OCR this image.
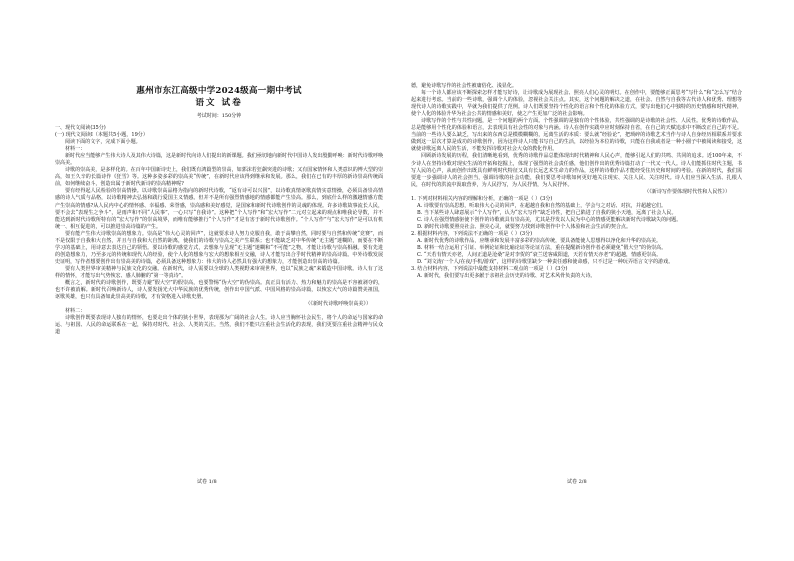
惠州市东江高级中学2024级高一期中考试

语文 试卷

考试时间：150分钟

一、现代文阅读(35分)

(一) 现代文阅读Ⅰ（本题共5小题，19分）

阅读下面的文字，完成下面小题。

材料一：

新时代应当能够产生伟大诗人及其伟大诗篇，这是新时代向诗人们提出的新课题。我们亟切地向新时代中国诗人发出殷勤呼唤：新时代诗歌呼唤崇高美。

诗歌的崇高美，是多样化的。在百年中国新诗史上，我们既有鸿篇型的崇高，如郭沫若狂飙突进的诗歌；又有国家情怀和人类意识的博大型的崇高，如王久辛的长篇诗作《狂雪》等。这种多姿多彩的崇高美“传统”，在新时代应该得到继承和发展。那么，我们在已有的丰厚的新诗崇高传统面前，如何继续奋斗，创造出属于新时代新诗的崇高精神呢?

要有经得起人民检验的崇高情操。以诗歌崇高品格为指向的新时代诗歌，“返有诗可以兴国”，以诗歌真情讴歌真情实意情操，必须具备崇高情感的诗人气质与品格，以诗歌精神去弘扬和践行爱国主义情感。但并不是所有强烈情感地的情感都能产生崇高。那么，到底什么样的激越情感方能产生崇高的情感?从人民内中心的情怀感、幸福感、荣誉感，崇高感和美好感觉，是国家和新时代诗歌创作的灵魂的体现。许多诗歌故事流长人民，要不会去“表现生之争斗”，是雨声和不同“人民事”，一心只写“自我诗”。这种把“个人写作”和“宏大写作”二元对立起来的观点和唯我论导数，并不能达到新时代诗歌所特有的“宏大写作”的崇高境界，而唯有能够推行“个人写作”才是有害于新时代诗歌创作。“个人写作”与“宏大写作”是可以有机统一、相互促进的，可以推进崇高诗篇的产生。

要有能产生伟大诗歌崇高的想象力。崇高是“伟大心灵的回声”，这就要求诗人努力克服自我，敢于高攀自然，同时要与自然和传统“竞赛”，而不是仅限于自我和大自然，并且与自我和大自然的距离，使我们的诗歌与崇高之美产生联系；也不能缺乏对中华传统“无主题”迷糊阶，而要在不断学习的基础上，用诗意去表达自己的领悟。要以诗歌的感觉方式，去想象与呈现“无主题”迷糊和“不可能”之物，才能让诗歌与崇高相融。要有先进的创造想象力，乃至多元的传统和现代人的经验，使个人化的想象与宏大的想象相互交融，诗人才能写出合乎时代精神的崇高诗篇。中外诗歌发展史证明，写作者想要创作出有崇高美的诗篇，必须具备这种想象力：伟大的诗人必然具有强大的想象力，才能创造出崇高的诗篇。

要有人类世界审美精神与民族文化的交融。在新时代，诗人需要以全球的人类视野来审视世界，也以“民族之魂”来锻造中国诗歌。诗人有了这样的情怀，才能写出气势恢宏、感人肺腑的“第一等真诗”。

概言之，新时代的诗歌创作，既要力避“假大空”的假崇高，也要警惕“伪大空”的伪崇高。真正具有活力、热力和魅力的崇高是不容被剥夺的，也不许被消解。新时代召唤新诗人，诗人要发扬光大中华民族的优秀传统，创作出中国气派、中国风格的崇高诗篇，以恢宏大气的诗篇赞美祖国，讴歌英雄，也只有具备如此崇高美的诗歌，才有资格进入诗歌史册。

（《新时代诗歌呼唤崇高美》）

材料二：

诗歌创作既要表现诗人独有的情怀，也要走出个体的狭小世界，表现那为广阔的社会人生。诗人应当胸怀社会民生，将个人的命运与国家的命运、与祖国、人民的命运联系在一起，保持对时代、社会、人类的关注。当然，我们不能只注重社会生活化的表现，我们更要注重社会精神与民众道

试卷 1/8

德，避免诗歌写作的社会性被庸俗化、浅显化。

每一个诗人都应该不断探索怎样才能写好诗，让诗歌成为展现社会、照亮人们心灵的明灯。在创作中，要能够正面思考“写什么”和“怎么写”结合起来进行考虑。当前的一些诗歌，强调个人的体验，忽视社会关注点。其实，这个问题的解决之道，在社会、自然与自我等古代诗人和优秀、理想等现代诗人的诗歌实践中，早就为我们提供了范例。诗人们既要坚持个性化的语言和个性化的体验方式，要写出他们心中独特的历史情感和时代精神，使个人化的体验升华为社会公共的情感和美好，使之产生更加广泛的社会影响。

诗歌写作的个性与共性问题，是一个问题的两个方面。个性强调的是独有的个性体验，共性强调的是诗歌的社会性、人民性。优秀的诗歌作品，总是能够用个性化的体验和语言，去表现具有社会性的对象与内涵。诗人在创作实践中应时刻保持自省，在自己的天赋追求中不断改正自己的不足。当前的一些诗人要么缺乏，写出来的东西总是模模糊糊的，远离生活的本质：要么就“经验论”，把琐碎的诗歌艺术当作与诗人自身经历相联系并要求做到这一层次才算是成功的诗歌创作，因为这样诗人只能书写自己的生活，以经验为本位的诗歌，只能在自我或者是一种小圈子中被阅读和接受，这就使诗歌远离人民的生活，不能发挥诗歌对社会大众的教化作用。

回顾新诗发展的历程，我们清晰地看到，优秀的诗歌作品总能体现出时代精神和人民心声，能够引起人们的共鸣、共同的追求。近100年来，不少诗人在坚持诗歌对现实生活的开拓和挖掘上，体现了强烈的社会责任感，他们创作出的优秀诗篇打动了一代又一代人。诗人们能抓住时代主题，书写人民的心声，从而创作出既具有鲜明时代特征又具有长远艺术生命力的作品，这样的诗歌作品才能经受住历史和时间的考验。在新的时代，我们需要进一步强调诗人的社会担当，强调诗歌的社会功能，我们要思考诗歌如何更好地关注现实、关注人民、关注时代。诗人们应当深入生活、扎根人民，在时代的洪流中汲取营养，为人民抒写，为人民抒情，为人民抒怀。

（《新诗写作要体现时代性和人民性》）

1. 下列对材料相关内容的理解和分析，正确的一项是（ ）(3分)

A. 诗歌要有崇高思想，听取伟大心灵的回声，在超越自我和自然的基础上，学会与之对话、对抗，并超越它们。

B. 当下某些诗人肆意展示“个人写作”，认为“宏大写作”缺乏诗性，把自己陷进了自我的狭小天地，远离了社会人民。

C. 诗人在强烈情感驱使下创作的诗歌就具有崇高美，尤其是抒发以人民为中心的情感更能解决新时代诗歌缺失的问题。

D. 新时代诗歌要照亮社会、照亮心灵，就要努力找到诗歌创作中个人体验和社会生活的契合点。

2. 根据材料内容，下列说法不正确的一项是（ ）(3分)

A. 新时代优秀的诗歌作品，应继承和发展丰富多彩的崇高传统，要具备能使人思想得以净化和升华的崇高美。

B. 材料一结合运用了引证、举例论证和比喻论证等论证方法，重在提醒新诗创作者必须避免“假大空”的伪崇高。

C. “天若有情天亦老，人间正道是沧桑”是对李贺的“衰兰送客咸阳道，天若有情天亦老”的超越，情感更崇高。

D. “刘文涛/一个人/在夜/手机/游戏”，这样的诗歌里缺少一种责任感和使命感，只不过是一种玩弄语言文字的游戏。

3. 结合材料内容，下列说法中最能支持材料二观点的一项是（ ）(3分)

A. 新时代，我们要写出更多献于亲祖社会历史的诗歌、对艺术风骨负责的大诗。

试卷 2/8
